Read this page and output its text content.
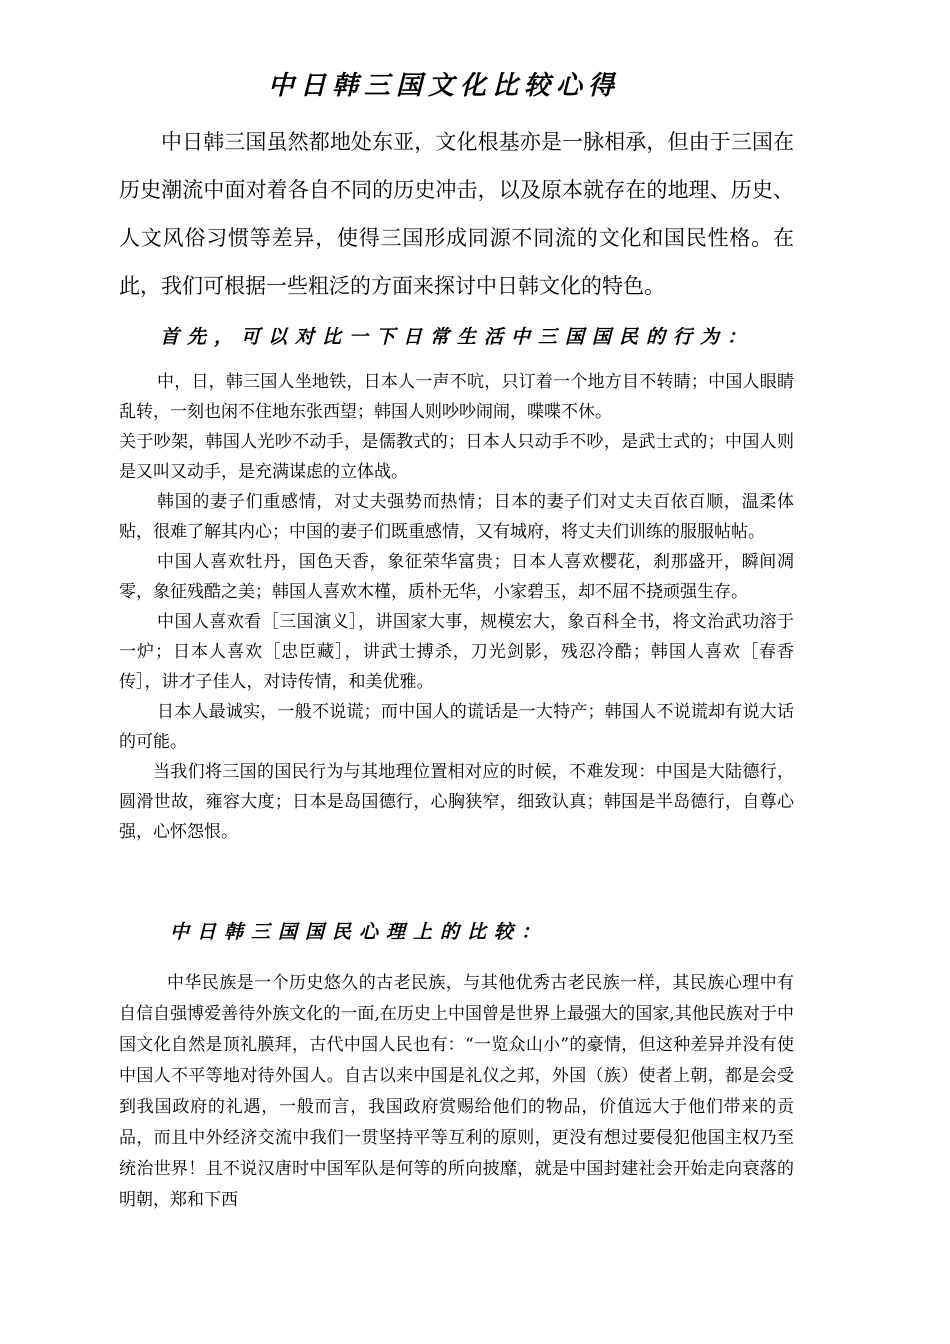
中日韩三国文化比较心得

中日韩三国虽然都地处东亚，文化根基亦是一脉相承，但由于三国在历史潮流中面对着各自不同的历史冲击，以及原本就存在的地理、历史、人文风俗习惯等差异，使得三国形成同源不同流的文化和国民性格。在此，我们可根据一些粗泛的方面来探讨中日韩文化的特色。

首先，可以对比一下日常生活中三国国民的行为：

中，日，韩三国人坐地铁，日本人一声不吭，只订着一个地方目不转睛；中国人眼睛乱转，一刻也闲不住地东张西望；韩国人则吵吵闹闹，喋喋不休。

关于吵架，韩国人光吵不动手，是儒教式的；日本人只动手不吵，是武士式的；中国人则是又叫又动手，是充满谋虑的立体战。

韩国的妻子们重感情，对丈夫强势而热情；日本的妻子们对丈夫百依百顺，温柔体贴，很难了解其内心；中国的妻子们既重感情，又有城府，将丈夫们训练的服服帖帖。

中国人喜欢牡丹，国色天香，象征荣华富贵；日本人喜欢樱花，刹那盛开，瞬间凋零，象征残酷之美；韩国人喜欢木槿，质朴无华，小家碧玉，却不屈不挠顽强生存。

中国人喜欢看［三国演义］，讲国家大事，规模宏大，象百科全书，将文治武功溶于一炉；日本人喜欢［忠臣藏］，讲武士搏杀，刀光剑影，残忍冷酷；韩国人喜欢［春香传］，讲才子佳人，对诗传情，和美优雅。

日本人最诚实，一般不说谎；而中国人的谎话是一大特产；韩国人不说谎却有说大话的可能。

当我们将三国的国民行为与其地理位置相对应的时候，不难发现：中国是大陆德行，圆滑世故，雍容大度；日本是岛国德行，心胸狭窄，细致认真；韩国是半岛德行，自尊心强，心怀怨恨。

中日韩三国国民心理上的比较：

中华民族是一个历史悠久的古老民族，与其他优秀古老民族一样，其民族心理中有自信自强博爱善待外族文化的一面,在历史上中国曾是世界上最强大的国家,其他民族对于中国文化自然是顶礼膜拜，古代中国人民也有：“一览众山小”的豪情，但这种差异并没有使中国人不平等地对待外国人。自古以来中国是礼仪之邦，外国（族）使者上朝，都是会受到我国政府的礼遇，一般而言，我国政府赏赐给他们的物品，价值远大于他们带来的贡品，而且中外经济交流中我们一贯坚持平等互利的原则，更没有想过要侵犯他国主权乃至统治世界！且不说汉唐时中国军队是何等的所向披靡，就是中国封建社会开始走向衰落的明朝，郑和下西
